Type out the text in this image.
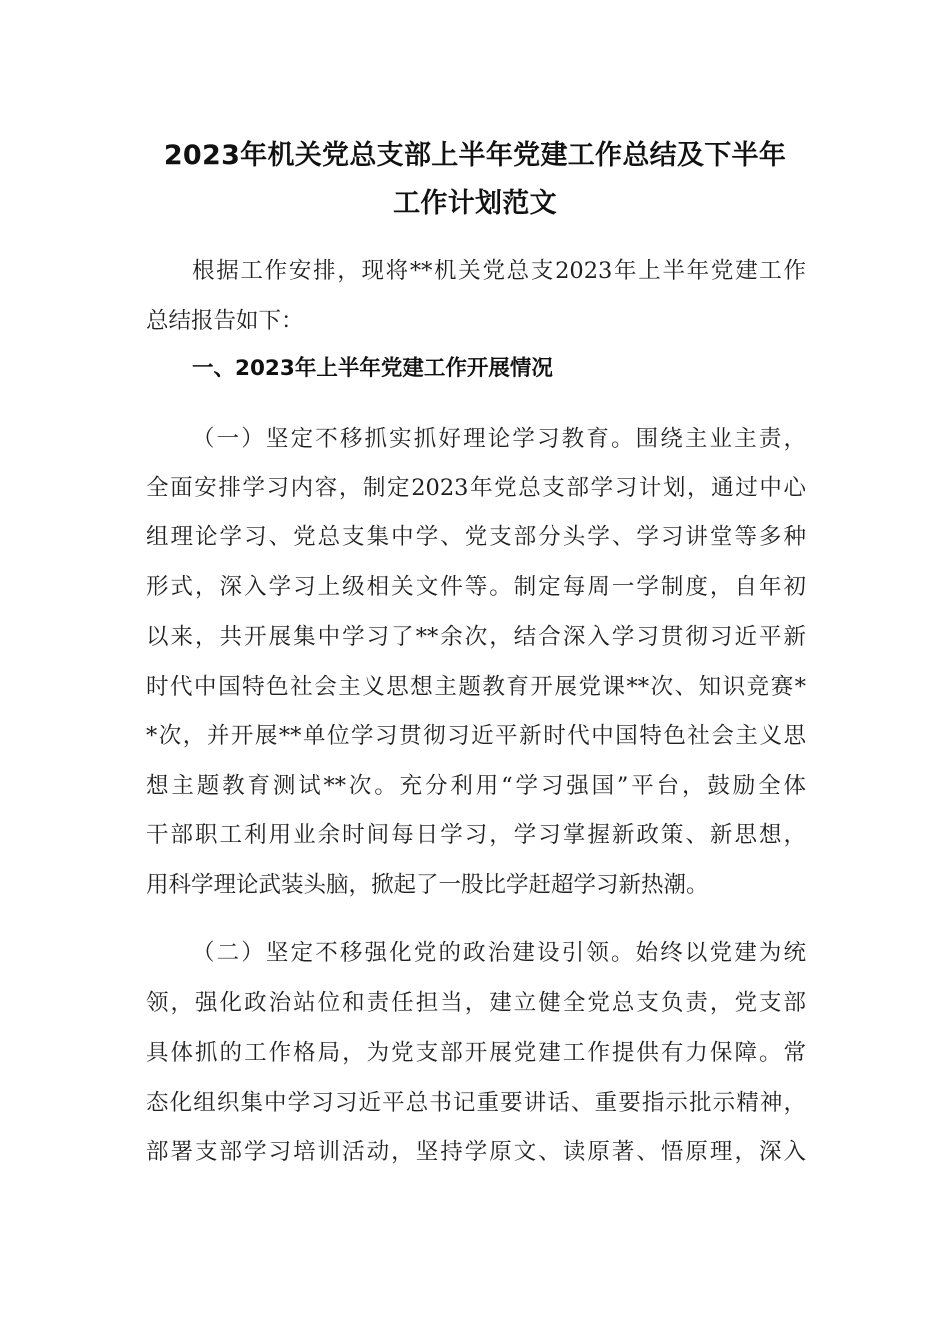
2023年机关党总支部上半年党建工作总结及下半年
工作计划范文
根据工作安排，现将**机关党总支2023年上半年党建工作
总结报告如下：
一、2023年上半年党建工作开展情况
（一）坚定不移抓实抓好理论学习教育。围绕主业主责，
全面安排学习内容，制定2023年党总支部学习计划，通过中心
组理论学习、党总支集中学、党支部分头学、学习讲堂等多种
形式，深入学习上级相关文件等。制定每周一学制度，自年初
以来，共开展集中学习了**余次，结合深入学习贯彻习近平新
时代中国特色社会主义思想主题教育开展党课**次、知识竞赛*
*次，并开展**单位学习贯彻习近平新时代中国特色社会主义思
想主题教育测试**次。充分利用“学习强国”平台，鼓励全体
干部职工利用业余时间每日学习，学习掌握新政策、新思想，
用科学理论武装头脑，掀起了一股比学赶超学习新热潮。
（二）坚定不移强化党的政治建设引领。始终以党建为统
领，强化政治站位和责任担当，建立健全党总支负责，党支部
具体抓的工作格局，为党支部开展党建工作提供有力保障。常
态化组织集中学习习近平总书记重要讲话、重要指示批示精神，
部署支部学习培训活动，坚持学原文、读原著、悟原理，深入
